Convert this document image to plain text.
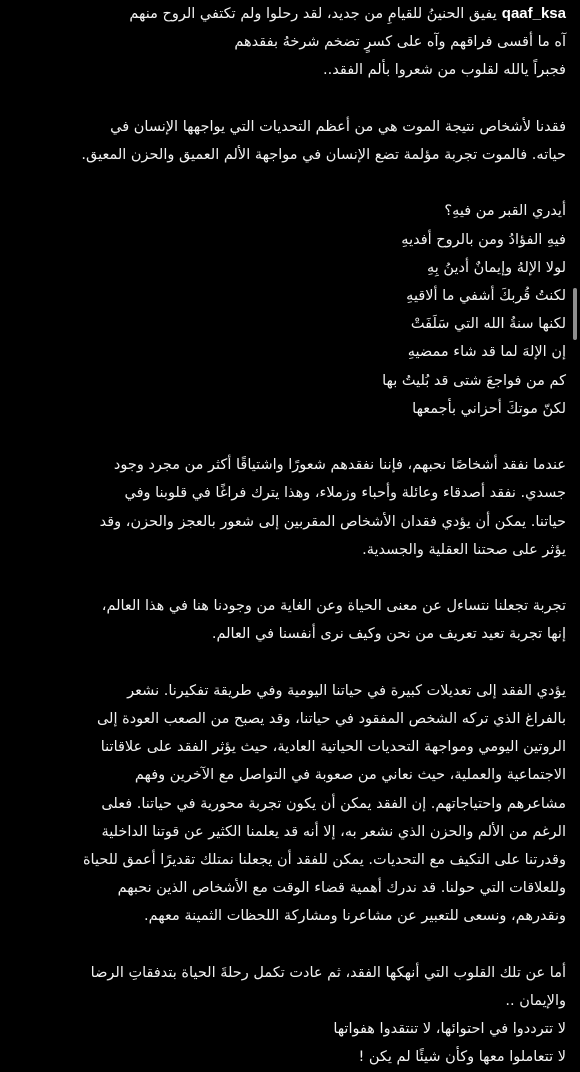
qaaf_ksaيفيق الحنينُ للقيامِ من جديد، لقد رحلوا ولم تكتفي الروح منهم
آه ما أقسى فراقهم وآه على كسرٍ تضخم شرخهُ بفقدهم
فجبراً يالله لقلوب من شعروا بألم الفقد..
فقدنا لأشخاص نتيجة الموت هي من أعظم التحديات التي يواجهها الإنسان في
حياته. فالموت تجربة مؤلمة تضع الإنسان في مواجهة الألم العميق والحزن المعيق.
أيدري القبر من فيهِ؟
فيهِ الفؤادُ ومن بالروح أفديهِ
لولا الإلهُ وإيمانٌ أدينُ بِهِ
لكنتُ قُربكَ أشفي ما ألاقيهِ
لكنها سنةُ الله التي سَلَفَتْ
إن الإلهَ لما قد شاء ممضيهِ
كم من فواجعَ شتى قد بُليتُ بها
لكنّ موتكَ أحزاني بأجمعها
عندما نفقد أشخاصًا نحبهم، فإننا نفقدهم شعورًا واشتياقًا أكثر من مجرد وجود
جسدي. نفقد أصدقاء وعائلة وأحباء وزملاء، وهذا يترك فراغًا في قلوبنا وفي
حياتنا. يمكن أن يؤدي فقدان الأشخاص المقربين إلى شعور بالعجز والحزن، وقد
يؤثر على صحتنا العقلية والجسدية.
تجربة تجعلنا نتساءل عن معنى الحياة وعن الغاية من وجودنا هنا في هذا العالم،
إنها تجربة تعيد تعريف من نحن وكيف نرى أنفسنا في العالم.
يؤدي الفقد إلى تعديلات كبيرة في حياتنا اليومية وفي طريقة تفكيرنا. نشعر
بالفراغ الذي تركه الشخص المفقود في حياتنا، وقد يصبح من الصعب العودة إلى
الروتين اليومي ومواجهة التحديات الحياتية العادية، حيث يؤثر الفقد على علاقاتنا
الاجتماعية والعملية، حيث نعاني من صعوبة في التواصل مع الآخرين وفهم
مشاعرهم واحتياجاتهم. إن الفقد يمكن أن يكون تجربة محورية في حياتنا. فعلى
الرغم من الألم والحزن الذي نشعر به، إلا أنه قد يعلمنا الكثير عن قوتنا الداخلية
وقدرتنا على التكيف مع التحديات. يمكن للفقد أن يجعلنا نمتلك تقديرًا أعمق للحياة
وللعلاقات التي حولنا. قد ندرك أهمية قضاء الوقت مع الأشخاص الذين نحبهم
ونقدرهم، ونسعى للتعبير عن مشاعرنا ومشاركة اللحظات الثمينة معهم.
أما عن تلك القلوب التي أنهكها الفقد، ثم عادت تكمل رحلةَ الحياة بتدفقاتِ الرضا
والإيمان ..
لا تترددوا في احتوائها، لا تنتقدوا هفواتها
لا تتعاملوا معها وكأن شيئًا لم يكن !
